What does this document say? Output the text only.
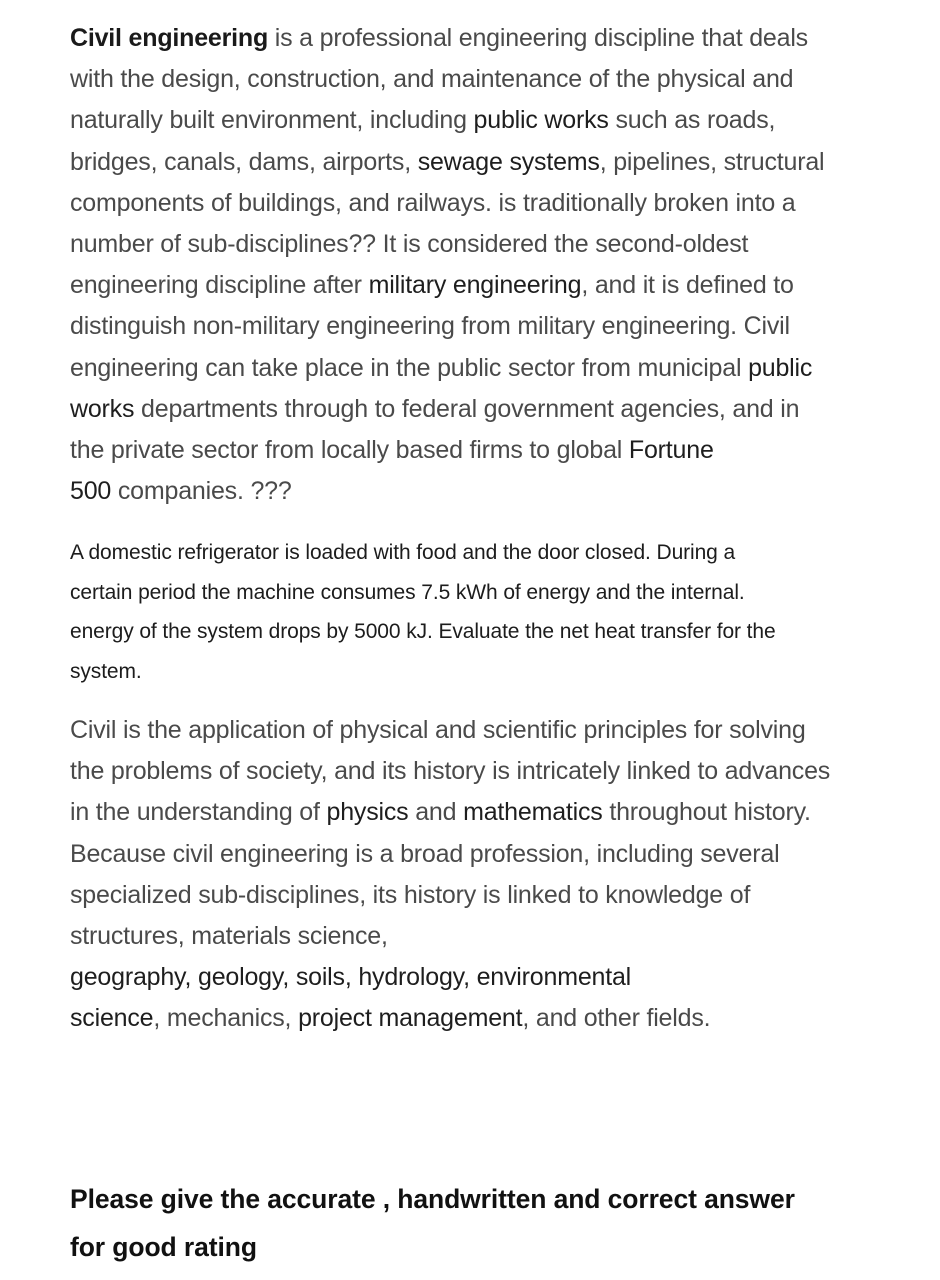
Civil engineering is a professional engineering discipline that deals
with the design, construction, and maintenance of the physical and
naturally built environment, including public works such as roads,
bridges, canals, dams, airports, sewage systems, pipelines, structural
components of buildings, and railways. is traditionally broken into a
number of sub-disciplines?? It is considered the second-oldest
engineering discipline after military engineering, and it is defined to
distinguish non-military engineering from military engineering. Civil
engineering can take place in the public sector from municipal public
works departments through to federal government agencies, and in
the private sector from locally based firms to global Fortune
500 companies. ???
A domestic refrigerator is loaded with food and the door closed. During a
certain period the machine consumes 7.5 kWh of energy and the internal.
energy of the system drops by 5000 kJ. Evaluate the net heat transfer for the
system.
Civil is the application of physical and scientific principles for solving
the problems of society, and its history is intricately linked to advances
in the understanding of physics and mathematics throughout history.
Because civil engineering is a broad profession, including several
specialized sub-disciplines, its history is linked to knowledge of
structures, materials science,
geography, geology, soils, hydrology, environmental
science, mechanics, project management, and other fields.
Please give the accurate , handwritten and correct answer
for good rating
